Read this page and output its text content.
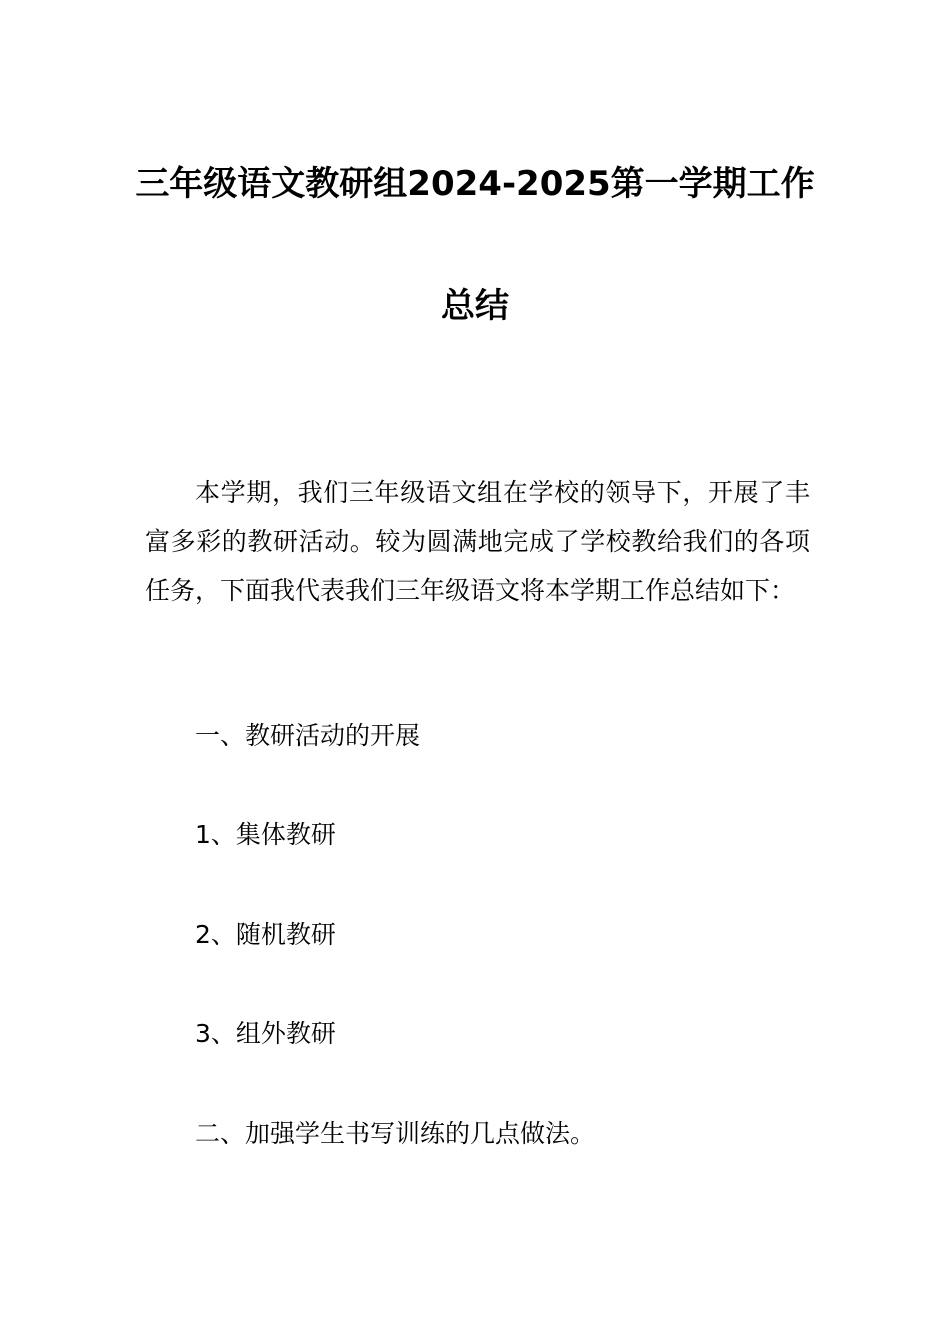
三年级语文教研组2024-2025第一学期工作
总结

本学期，我们三年级语文组在学校的领导下，开展了丰富多彩的教研活动。较为圆满地完成了学校教给我们的各项任务，下面我代表我们三年级语文将本学期工作总结如下：

一、教研活动的开展
1、集体教研
2、随机教研
3、组外教研
二、加强学生书写训练的几点做法。
